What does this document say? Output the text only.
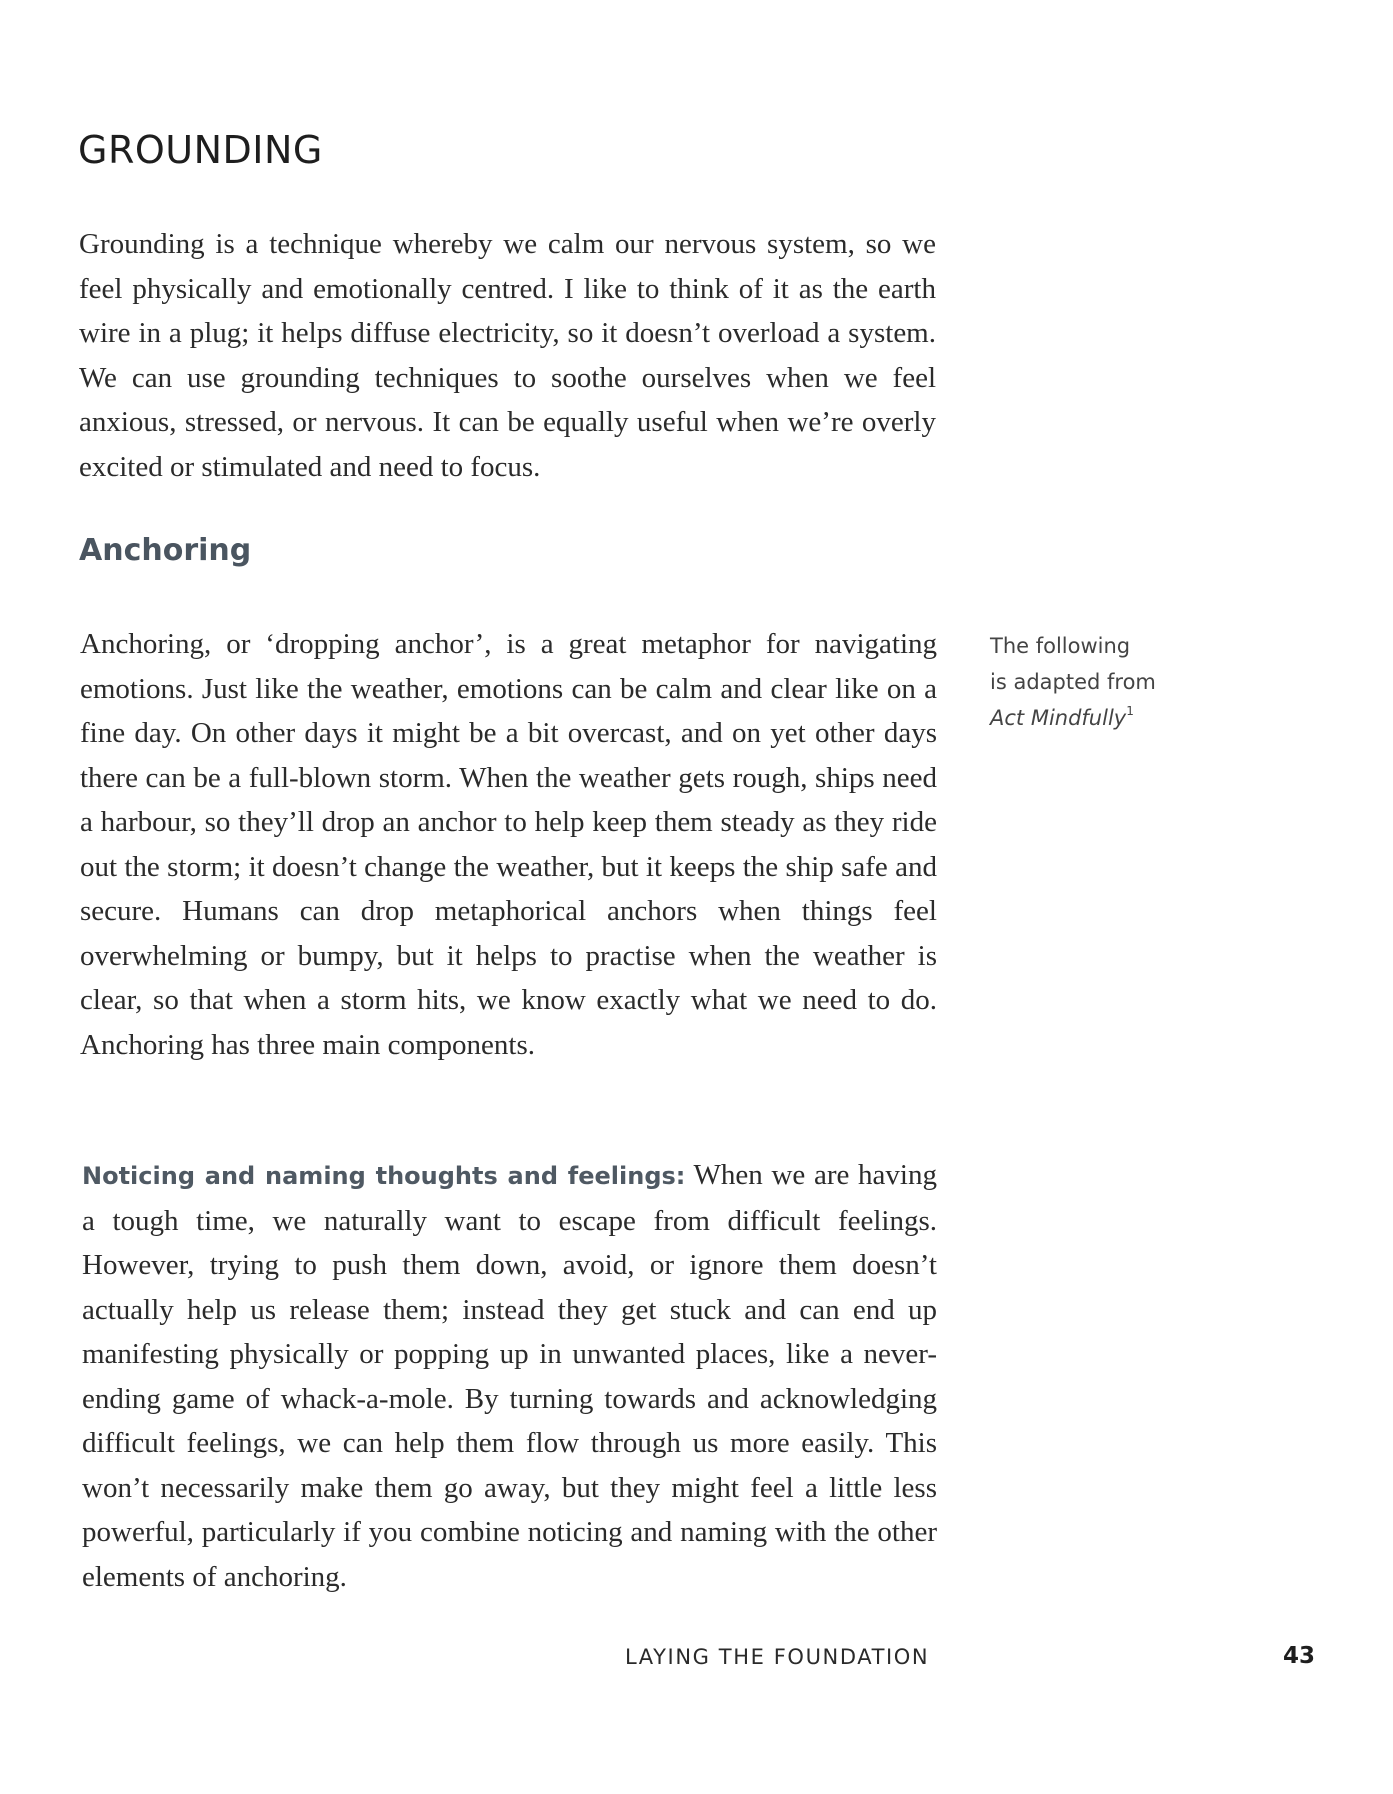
GROUNDING

Grounding is a technique whereby we calm our nervous system, so we feel physically and emotionally centred. I like to think of it as the earth wire in a plug; it helps diffuse electricity, so it doesn’t overload a system. We can use grounding techniques to soothe ourselves when we feel anxious, stressed, or nervous. It can be equally useful when we’re overly excited or stimulated and need to focus.

Anchoring

Anchoring, or ‘dropping anchor’, is a great metaphor for navigating emotions. Just like the weather, emotions can be calm and clear like on a fine day. On other days it might be a bit overcast, and on yet other days there can be a full-blown storm. When the weather gets rough, ships need a harbour, so they’ll drop an anchor to help keep them steady as they ride out the storm; it doesn’t change the weather, but it keeps the ship safe and secure. Humans can drop metaphorical anchors when things feel overwhelming or bumpy, but it helps to practise when the weather is clear, so that when a storm hits, we know exactly what we need to do. Anchoring has three main components.

Noticing and naming thoughts and feelings: When we are having a tough time, we naturally want to escape from difficult feelings. However, trying to push them down, avoid, or ignore them doesn’t actually help us release them; instead they get stuck and can end up manifesting physically or popping up in unwanted places, like a never-ending game of whack-a-mole. By turning towards and acknowledging difficult feelings, we can help them flow through us more easily. This won’t necessarily make them go away, but they might feel a little less powerful, particularly if you combine noticing and naming with the other elements of anchoring.

The following
is adapted from
Act Mindfully$^1$
LAYING THE FOUNDATION	43
